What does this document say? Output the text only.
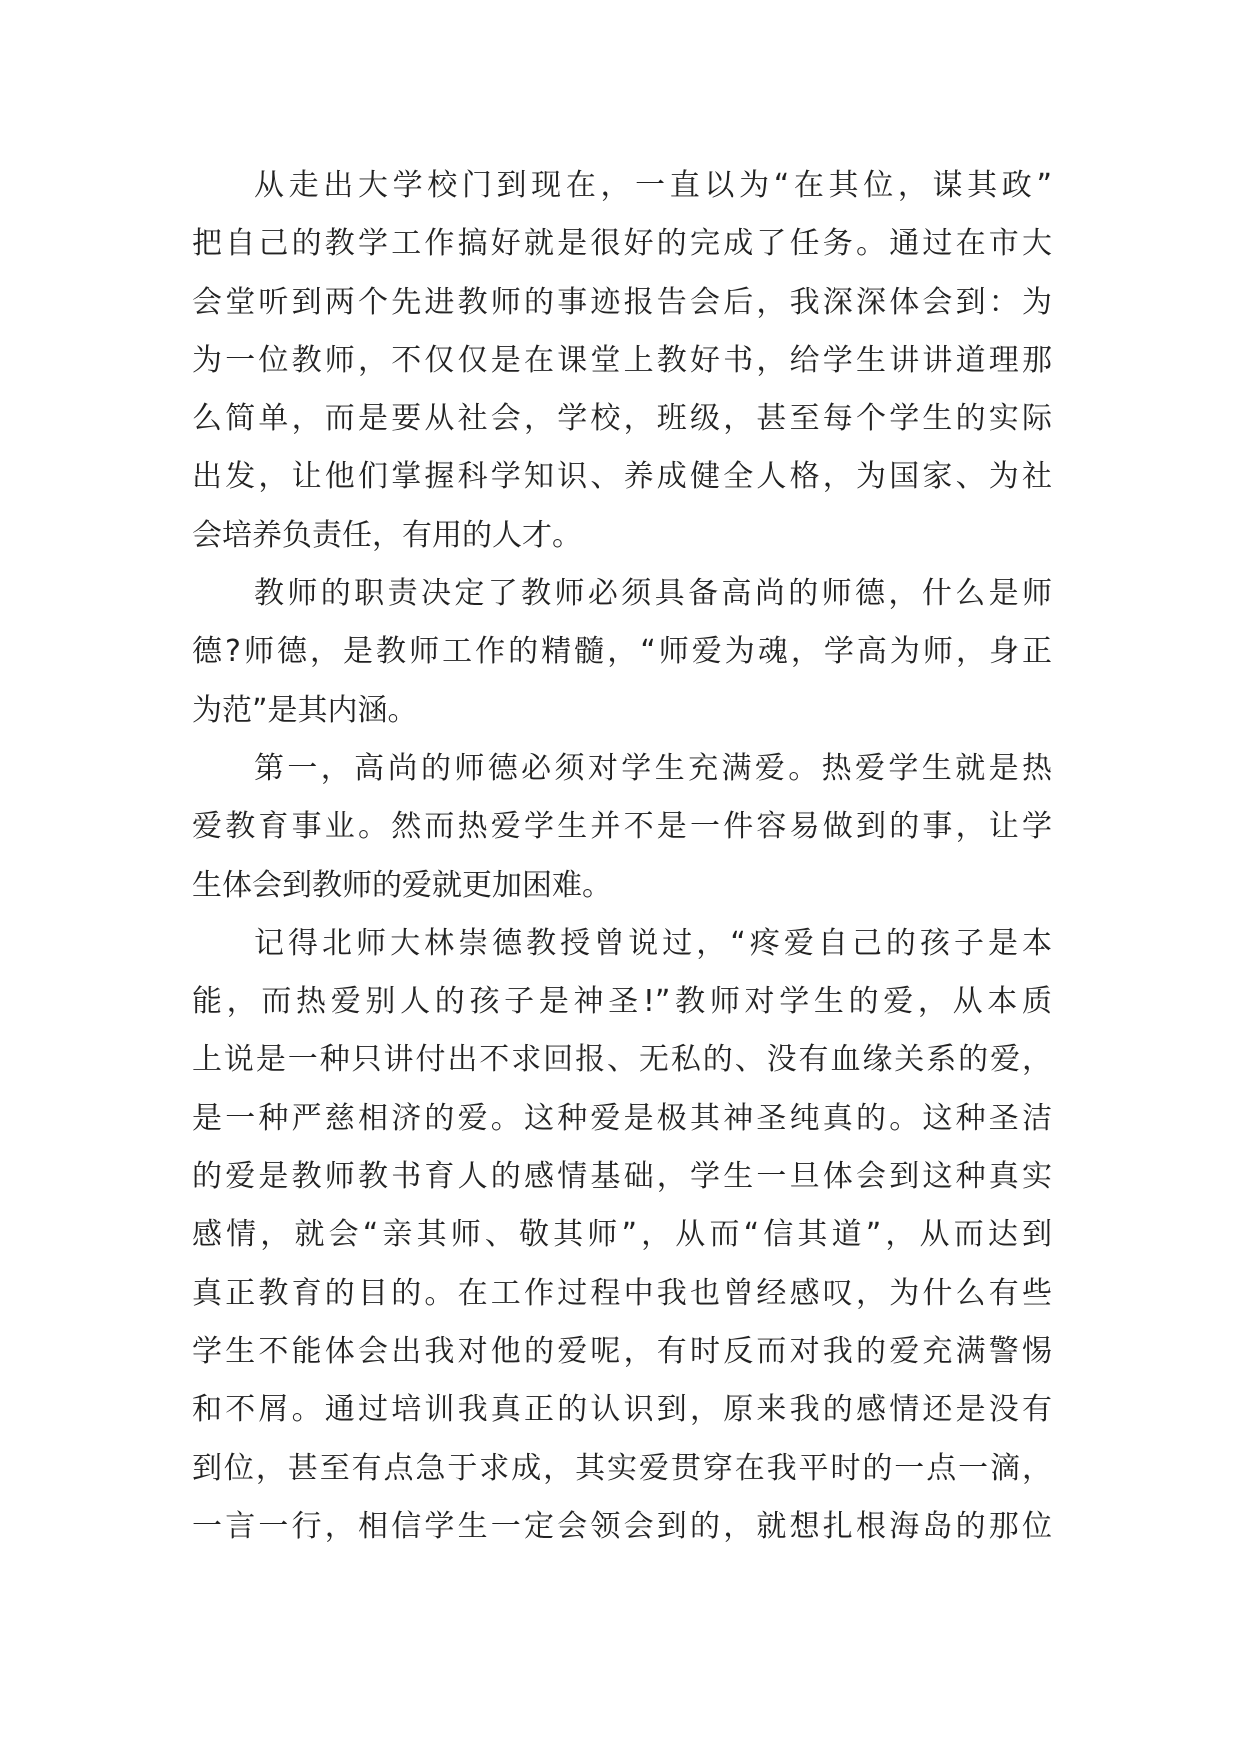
从走出大学校门到现在，一直以为“在其位，谋其政”
把自己的教学工作搞好就是很好的完成了任务。通过在市大
会堂听到两个先进教师的事迹报告会后，我深深体会到：为
为一位教师，不仅仅是在课堂上教好书，给学生讲讲道理那
么简单，而是要从社会，学校，班级，甚至每个学生的实际
出发，让他们掌握科学知识、养成健全人格，为国家、为社
会培养负责任，有用的人才。
教师的职责决定了教师必须具备高尚的师德，什么是师
德?师德，是教师工作的精髓，“师爱为魂，学高为师，身正
为范”是其内涵。
第一，高尚的师德必须对学生充满爱。热爱学生就是热
爱教育事业。然而热爱学生并不是一件容易做到的事，让学
生体会到教师的爱就更加困难。
记得北师大林崇德教授曾说过，“疼爱自己的孩子是本
能，而热爱别人的孩子是神圣!”教师对学生的爱，从本质
上说是一种只讲付出不求回报、无私的、没有血缘关系的爱，
是一种严慈相济的爱。这种爱是极其神圣纯真的。这种圣洁
的爱是教师教书育人的感情基础，学生一旦体会到这种真实
感情，就会“亲其师、敬其师”，从而“信其道”，从而达到
真正教育的目的。在工作过程中我也曾经感叹，为什么有些
学生不能体会出我对他的爱呢，有时反而对我的爱充满警惕
和不屑。通过培训我真正的认识到，原来我的感情还是没有
到位，甚至有点急于求成，其实爱贯穿在我平时的一点一滴，
一言一行，相信学生一定会领会到的，就想扎根海岛的那位
